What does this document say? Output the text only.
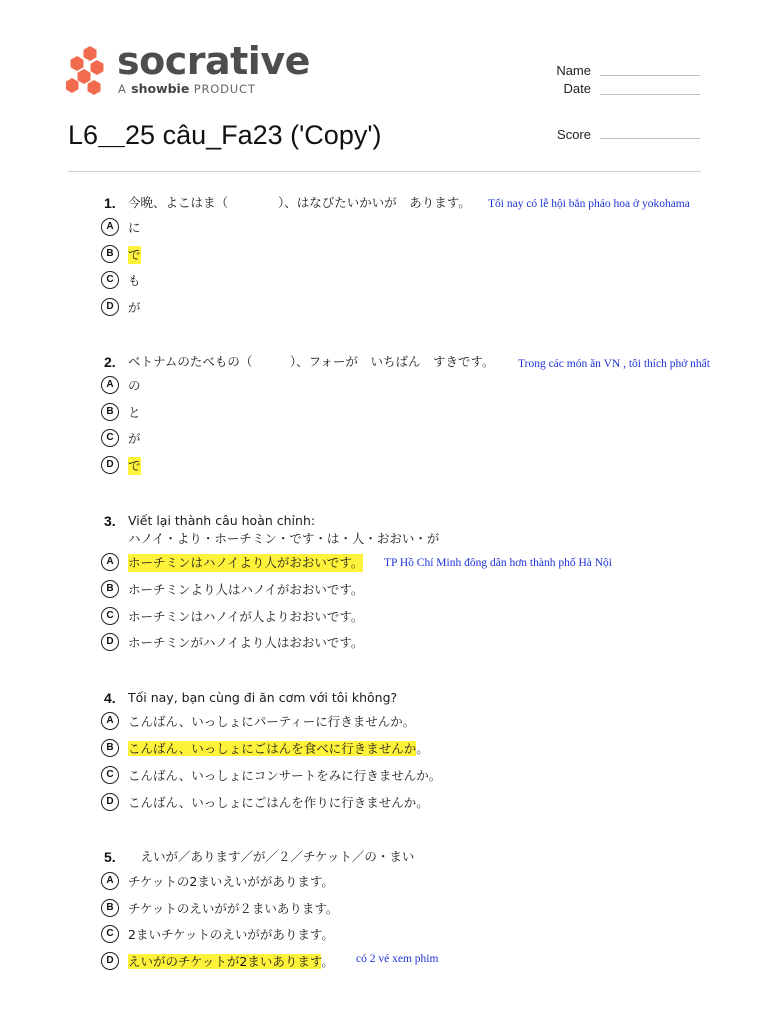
socrative
A showbie PRODUCT
Name
Date
L6＿25 câu_Fa23 ('Copy')	Score
1. 今晩、よこはま（　　　　）、はなびたいかいが　あります。 Tối nay có lễ hội bắn pháo hoa ở yokohama
A	に
B	で
C	も
D	が
2. ベトナムのたべもの（　　　）、フォーが　いちばん　すきです。 Trong các món ăn VN , tôi thích phở nhất
A	の
B	と
C	が
D	で
3. Viết lại thành câu hoàn chỉnh:
ハノイ・より・ホーチミン・です・は・人・おおい・が
A	ホーチミンはハノイより人がおおいです。 TP Hồ Chí Minh đông dân hơn thành phố Hà Nội
B	ホーチミンより人はハノイがおおいです。
C	ホーチミンはハノイが人よりおおいです。
D	ホーチミンがハノイより人はおおいです。
4. Tối nay, bạn cùng đi ăn cơm với tôi không?
A	こんばん、いっしょにパーティーに行きませんか。
B	こんばん、いっしょにごはんを食べに行きませんか。
C	こんばん、いっしょにコンサートをみに行きませんか。
D	こんばん、いっしょにごはんを作りに行きませんか。
5. 　えいが／あります／が／２／チケット／の・まい
A	チケットの2まいえいががあります。
B	チケットのえいがが２まいあります。
C	2まいチケットのえいががあります。
D	えいがのチケットが2まいあります。 có 2 vé xem phim
